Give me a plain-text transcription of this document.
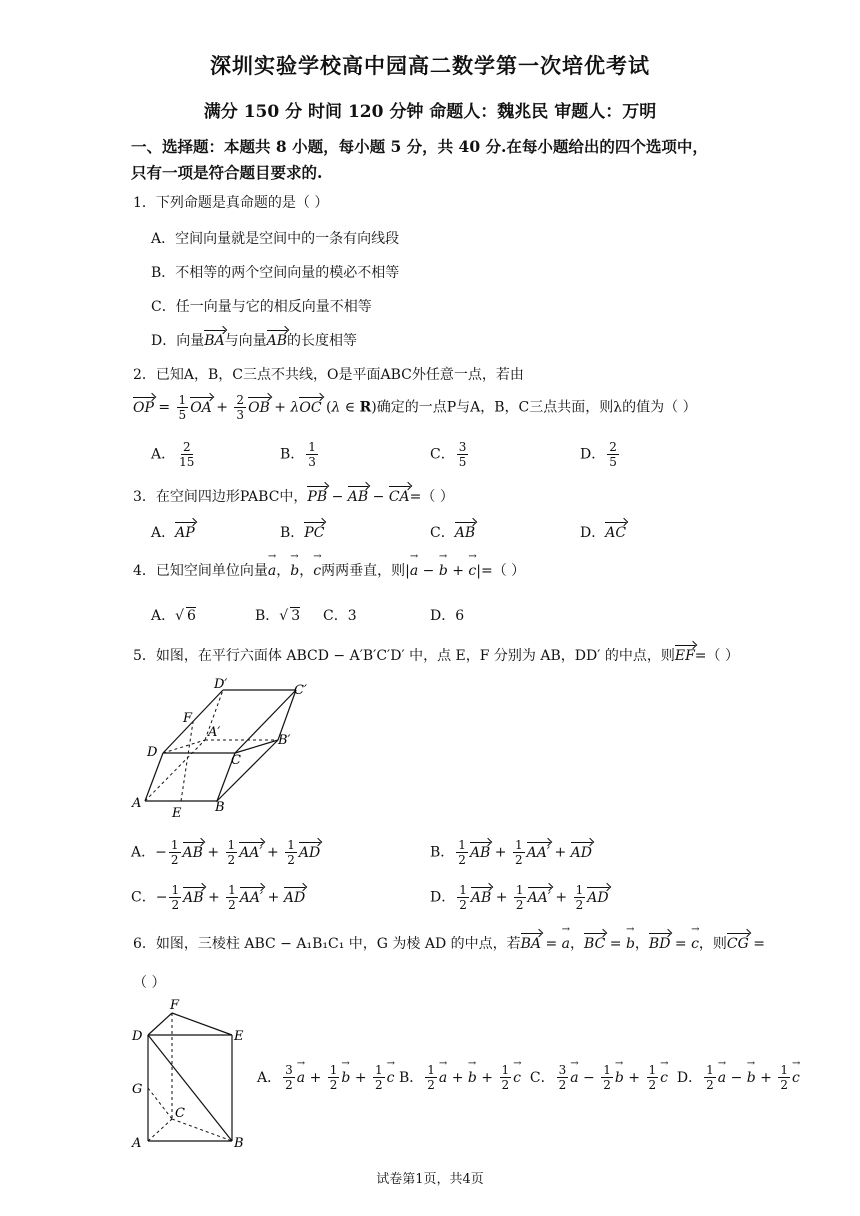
深圳实验学校高中园高二数学第一次培优考试
满分 150 分 时间 120 分钟 命题人：魏兆民 审题人：万明
一、选择题：本题共 8 小题，每小题 5 分，共 40 分.在每小题给出的四个选项中，
只有一项是符合题目要求的.
1．下列命题是真命题的是（ ）
A．空间向量就是空间中的一条有向线段
B．不相等的两个空间向量的模必不相等
C．任一向量与它的相反向量不相等
D．向量BA与向量AB的长度相等
2．已知A，B，C三点不共线，O是平面ABC外任意一点，若由
OP = $\frac{1}{5}$ OA + $\frac{2}{3}$ OB + λOC (λ ∈ R)确定的一点P与A，B，C三点共面，则λ的值为（ ）
A． $\frac{2}{15}$	B． $\frac{1}{3}$	C． $\frac{3}{5}$	D． $\frac{2}{5}$
3．在空间四边形PABC中，PB − AB − CA=（ ）
A．AP	B．PC	C．AB	D．AC
4．已知空间单位向量→ a，→ b，→ c两两垂直，则|→ a − → b + → c|=（ ）
A．√ 6	B．√ 3 C．3	D．6
5．如图，在平行六面体 ABCD − A′B′C′D′ 中，点 E，F 分别为 AB，DD′ 的中点，则EF=（ ）
D′	C′
F
A′
B′
D
C
A
E	B
A．− $\frac{1}{2}$ AB + $\frac{1}{2} AA' + \frac{1}{2}$ AD	B． $\frac{1}{2}$ AB + $\frac{1}{2} AA'$ + AD
C．− $\frac{1}{2}$ AB + $\frac{1}{2} AA'$ + AD	D． $\frac{1}{2}$ AB + $\frac{1}{2} AA' + \frac{1}{2}$ AD
6．如图，三棱柱 ABC − A₁B₁C₁ 中，G 为棱 AD 的中点，若BA = → a，BC = → b，BD = → c，则CG =
（ ）
F
D	E
G
C
A	B
A． $\frac{3}{2}$
→ $a + \frac{1}{2}$
→ $b + \frac{1}{2}$
→ c B． $\frac{1}{2}$
→ a + → $b + \frac{1}{2}$
→ c C． $\frac{3}{2}$
→ $a - \frac{1}{2}$
→ $b + \frac{1}{2}$
→ c D． $\frac{1}{2}$
→ a − → $b + \frac{1}{2}$
→ c
试卷第1页，共4页
